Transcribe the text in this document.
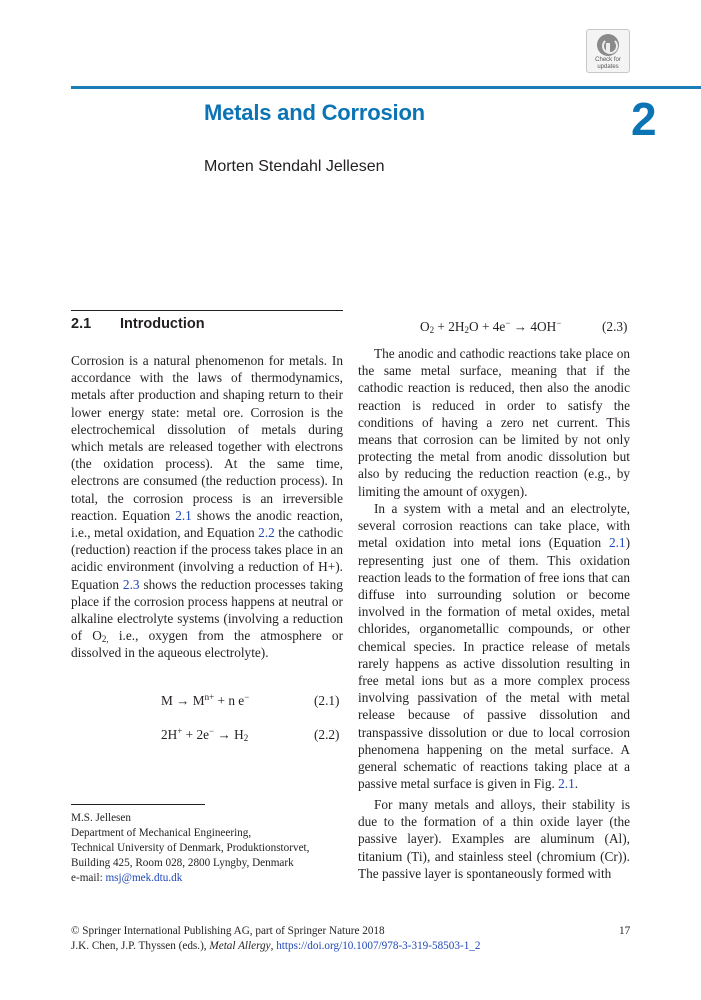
Check for updates
Metals and Corrosion	2
Morten Stendahl Jellesen
2.1 Introduction
Corrosion is a natural phenomenon for metals. In accordance with the laws of thermodynamics, metals after production and shaping return to their lower energy state: metal ore. Corrosion is the electrochemical dissolution of metals during which metals are released together with electrons (the oxidation process). At the same time, electrons are consumed (the reduction process). In total, the corrosion process is an irreversible reaction. Equation 2.1 shows the anodic reaction, i.e., metal oxidation, and Equation 2.2 the cathodic (reduction) reaction if the process takes place in an acidic environment (involving a reduction of H+). Equation 2.3 shows the reduction processes taking place if the corrosion process happens at neutral or alkaline electrolyte systems (involving a reduction of $O_{2,}$ i.e., oxygen from the atmosphere or dissolved in the aqueous electrolyte).
$M \to M^{n+} + n$ e−	(2.1)
$2H^+ + 2e^- \to H_2$	(2.2)
$O_2 + 2H_2O + 4e^- \to 4OH^-$	(2.3)
The anodic and cathodic reactions take place on the same metal surface, meaning that if the cathodic reaction is reduced, then also the anodic reaction is reduced in order to satisfy the conditions of having a zero net current. This means that corrosion can be limited by not only protecting the metal from anodic dissolution but also by reducing the reduction reaction (e.g., by limiting the amount of oxygen).
In a system with a metal and an electrolyte, several corrosion reactions can take place, with metal oxidation into metal ions (Equation 2.1) representing just one of them. This oxidation reaction leads to the formation of free ions that can diffuse into surrounding solution or become involved in the formation of metal oxides, metal chlorides, organometallic compounds, or other chemical species. In practice release of metals rarely happens as active dissolution resulting in free metal ions but as a more complex process involving passivation of the metal with metal release because of passive dissolution and transpassive dissolution or due to local corrosion phenomena happening on the metal surface. A general schematic of reactions taking place at a passive metal surface is given in Fig. 2.1.
For many metals and alloys, their stability is due to the formation of a thin oxide layer (the passive layer). Examples are aluminum (Al), titanium (Ti), and stainless steel (chromium (Cr)). The passive layer is spontaneously formed with
M.S. Jellesen
Department of Mechanical Engineering,
Technical University of Denmark, Produktionstorvet,
Building 425, Room 028, 2800 Lyngby, Denmark
e-mail: msj@mek.dtu.dk
© Springer International Publishing AG, part of Springer Nature 2018
J.K. Chen, J.P. Thyssen (eds.), Metal Allergy, https://doi.org/10.1007/978-3-319-58503-1_2
17
